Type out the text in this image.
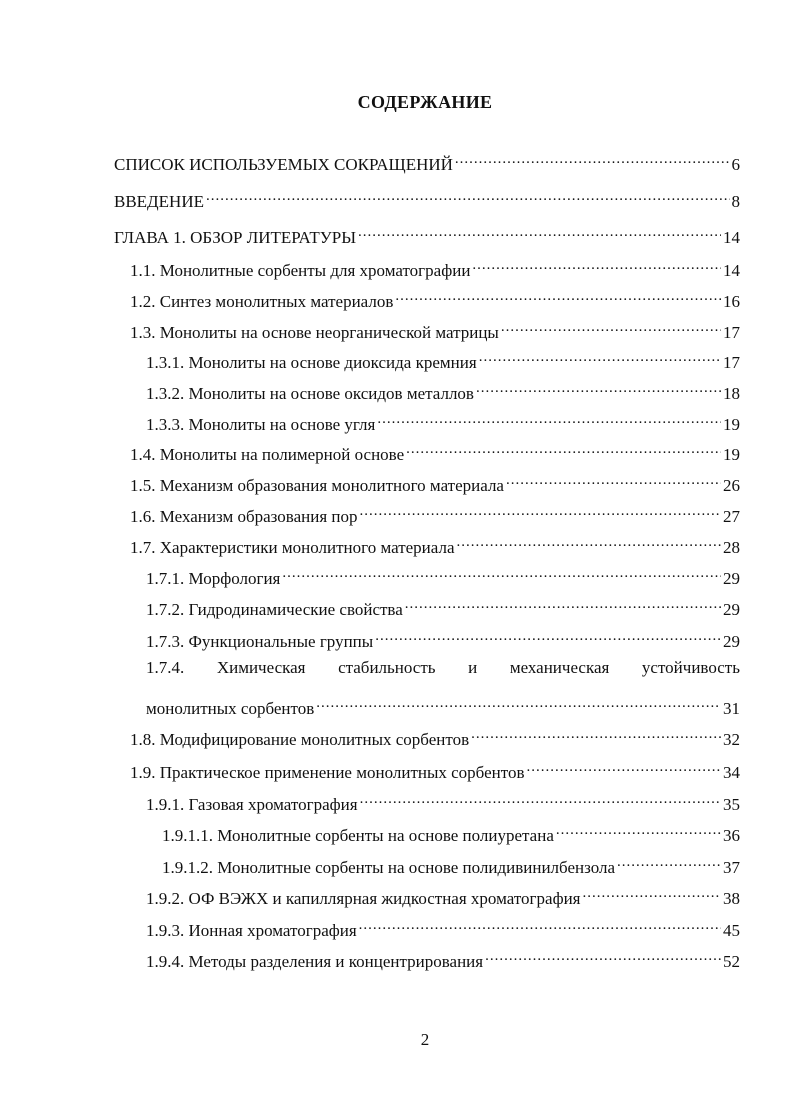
СОДЕРЖАНИЕ
СПИСОК ИСПОЛЬЗУЕМЫХ СОКРАЩЕНИЙ .....	6
ВВЕДЕНИЕ .....	8
ГЛАВА 1. ОБЗОР ЛИТЕРАТУРЫ .....	14
1.1. Монолитные сорбенты для хроматографии .....	14
1.2. Синтез монолитных материалов .....	16
1.3. Монолиты на основе неорганической матрицы .....	17
1.3.1. Монолиты на основе диоксида кремния .....	17
1.3.2. Монолиты на основе оксидов металлов .....	18
1.3.3. Монолиты на основе угля .....	19
1.4. Монолиты на полимерной основе .....	19
1.5. Механизм образования монолитного материала .....	26
1.6. Механизм образования пор .....	27
1.7. Характеристики монолитного материала .....	28
1.7.1. Морфология .....	29
1.7.2. Гидродинамические свойства .....	29
1.7.3. Функциональные группы .....	29
1.7.4. Химическая стабильность и механическая устойчивость
монолитных сорбентов .....	31
1.8. Модифицирование монолитных сорбентов .....	32
1.9. Практическое применение монолитных сорбентов .....	34
1.9.1. Газовая хроматография .....	35
1.9.1.1. Монолитные сорбенты на основе полиуретана .....	36
1.9.1.2. Монолитные сорбенты на основе полидивинилбензола .....	37
1.9.2. ОФ ВЭЖХ и капиллярная жидкостная хроматография .....	38
1.9.3. Ионная хроматография .....	45
1.9.4. Методы разделения и концентрирования .....	52
2
